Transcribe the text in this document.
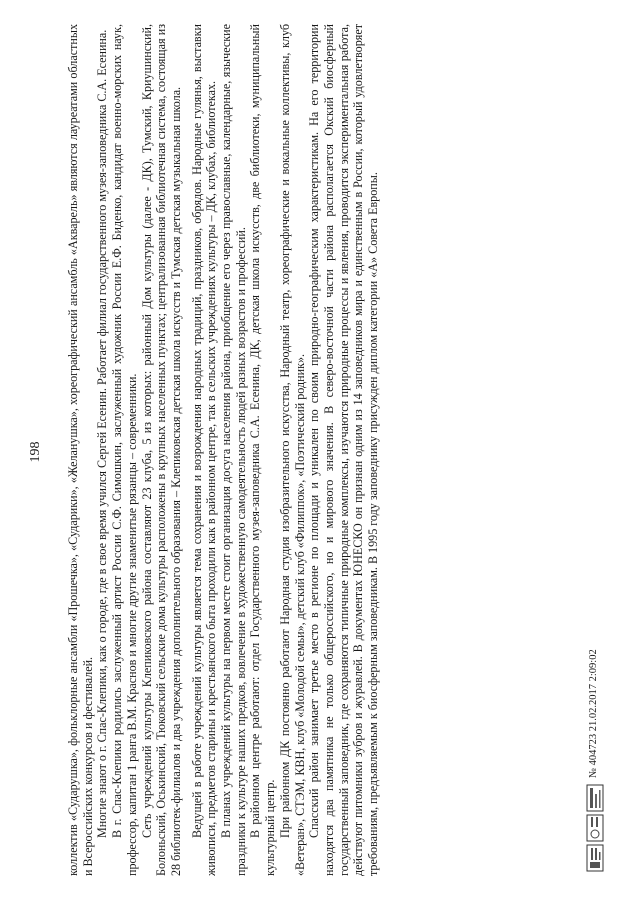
198 коллектив «Сударушка», фольклорные ансамбли «Прошечка», «Сударики», «Желанушка», хореографический ансамбль «Акварель» являются лауреатами областных и Всероссийских конкурсов и фестивалей. Многие знают о г. Спас-Клепики, как о городе, где в свое время учился Сергей Есенин. Работает филиал государственного музея-заповедника С.А. Есенина. В г. Спас-Клепики родились заслуженный артист России С.Ф. Симошкин, заслуженный художник России Е.Ф. Биденко, кандидат военно-морских наук, профессор, капитан 1 ранга В.М. Краснов и многие другие знаменитые рязанцы – современники. Сеть учреждений культуры Клепиковского района составляют 23 клуба, 5 из которых: районный Дом культуры (далее - ДК), Тумский, Криушинский, Болоньский, Оськинский, Тюковский сельские дома культуры расположены в крупных населенных пунктах; централизованная библиотечная система, состоящая из 28 библиотек-филиалов и два учреждения дополнительного образования – Клепиковская детская школа искусств и Тумская детская музыкальная школа. Ведущей в работе учреждений культуры является тема сохранения и возрождения народных традиций, праздников, обрядов. Народные гулянья, выставки живописи, предметов старины и крестьянского быта проходили как в районном центре, так в сельских учреждениях культуры – ДК, клубах, библиотеках. В планах учреждений культуры на первом месте стоит организация досуга населения района, приобщение его через православные, календарные, языческие праздники к культуре наших предков, вовлечение в художественную самодеятельность людей разных возрастов и профессий. В районном центре работают: отдел Государственного музея-заповедника С.А. Есенина, ДК, детская школа искусств, две библиотеки, муниципальный культурный центр. При районном ДК постоянно работают Народная студия изобразительного искусства, Народный театр, хореографические и вокальные коллективы, клуб «Ветеран», СТЭМ, КВН, клуб «Молодой семьи», детский клуб «Филиппок», «Поэтический родник». Спасский район занимает третье место в регионе по площади и уникален по своим природно-географическим характеристикам. На его территории находятся два памятника не только общероссийского, но и мирового значения. В северо-восточной части района располагается Окский биосферный государственный заповедник, где сохраняются типичные природные комплексы, изучаются природные процессы и явления, проводится экспериментальная работа, действуют питомники зубров и журавлей. В документах ЮНЕСКО он признан одним из 14 заповедников мира и единственным в России, который удовлетворяет требованиям, предъявляемым к биосферным заповедникам. В 1995 году заповеднику присужден диплом категории «А» Совета Европы.	№ 404723 21.02.2017 2:09:02
